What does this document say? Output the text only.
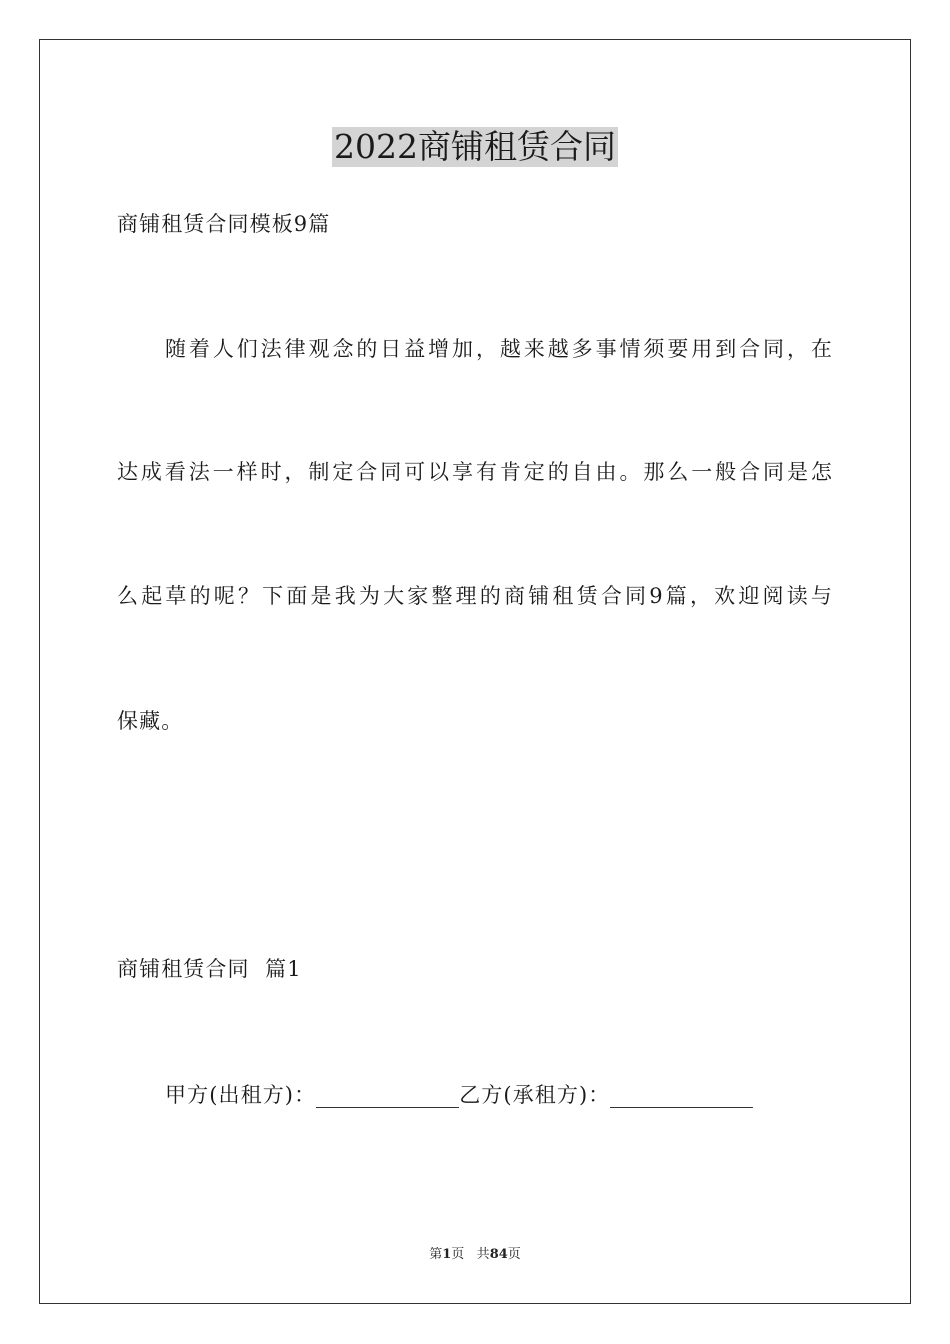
2022商铺租赁合同
商铺租赁合同模板9篇
随着人们法律观念的日益增加，越来越多事情须要用到合同，在
达成看法一样时，制定合同可以享有肯定的自由。那么一般合同是怎
么起草的呢？下面是我为大家整理的商铺租赁合同9篇，欢迎阅读与
保藏。
商铺租赁合同  篇1
甲方(出租方)：	乙方(承租方)：
第1页 共84页
